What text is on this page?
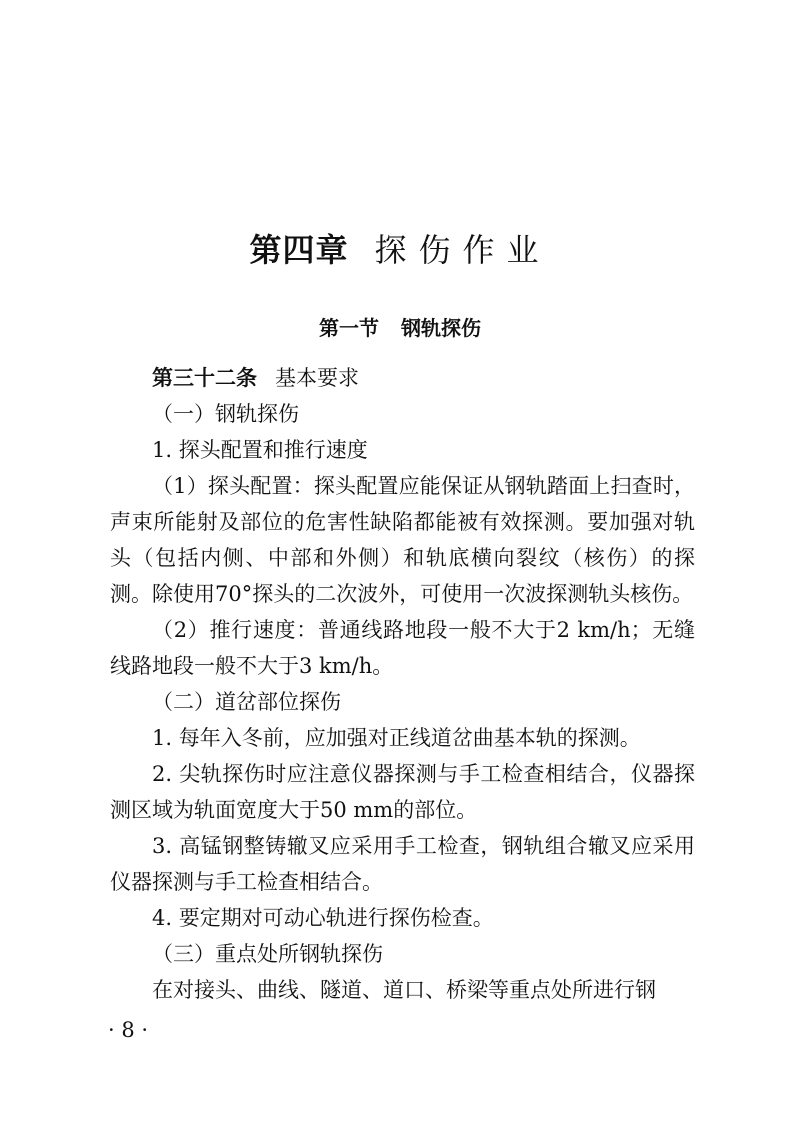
第四章 探伤作业
第一节 钢轨探伤

第三十二条 基本要求

（一）钢轨探伤

1. 探头配置和推行速度

（1）探头配置：探头配置应能保证从钢轨踏面上扫查时，声束所能射及部位的危害性缺陷都能被有效探测。要加强对轨头（包括内侧、中部和外侧）和轨底横向裂纹（核伤）的探测。除使用70°探头的二次波外，可使用一次波探测轨头核伤。

（2）推行速度：普通线路地段一般不大于2 km/h；无缝线路地段一般不大于3 km/h。

（二）道岔部位探伤

1. 每年入冬前，应加强对正线道岔曲基本轨的探测。

2. 尖轨探伤时应注意仪器探测与手工检查相结合，仪器探测区域为轨面宽度大于50 mm的部位。

3. 高锰钢整铸辙叉应采用手工检查，钢轨组合辙叉应采用仪器探测与手工检查相结合。

4. 要定期对可动心轨进行探伤检查。

（三）重点处所钢轨探伤

在对接头、曲线、隧道、道口、桥梁等重点处所进行钢

· 8 ·
